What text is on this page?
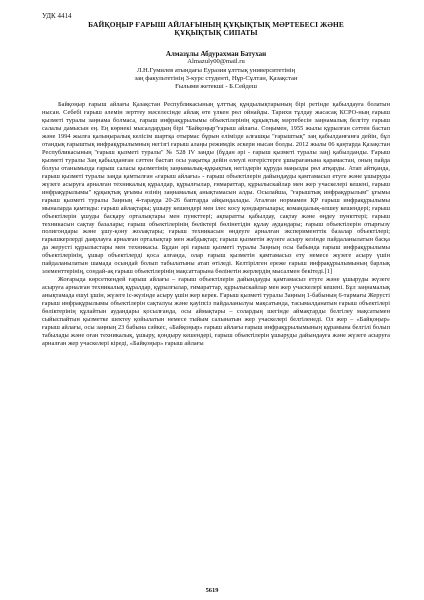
УДК 4414
БАЙҚОҢЫР ҒАРЫШ АЙЛАҒЫНЫҢ ҚҰҚЫҚТЫҚ МӘРТЕБЕСІ ЖӘНЕ
ҚҰҚЫҚТЫҚ СИПАТЫ
Алмазұлы Абдурахман Батухан
Almazuly00@mail.ru
Л.Н.Гумилев атындағы Еуразия ұлттық университетінің
заң факультетінің 3-курс студенті, Нұр-Сұлтан, Қазақстан
Ғылыми жетекші - Б.Сейдеш

Байқоңыр ғарыш айлағы Қазақстан Республикасының ұлттық құндылықтарының бірі ретінде қабылдауға болатын нысан. Себебі ғарыш әлемін зерттеу мәселесінде айлақ өте үлкен рөл ойнайды. Тарихи тұлдау жасасақ КСРО-ның ғарыш қызметі туралы заңнама болмаса, ғарыш инфрақұрылымы объектілерінің құқықтық мәртебесін заңнамалық белгіту ғарыш салалы дамысын ең. Ең көрнекі мысалдардың бірі "Байқоңыр"ғарыш айлағы. Соңымен, 1955 жылы құрылған сәттен бастап және 1994 жылға қалыңыралық келісім шартқа отырмас бұрын еліміздe алғашқы "ғарыштық" заң қабылданғанға дейін, бұл отандық ғарыштық инфрақұрылымның негізгі ғарыш алаңы режимдік әскери нысан болды. 2012 жылы 06 қаңтарда Қазақстан Республикасының "ғарыш қызметі туралы" № 528 IV заңды (бұдан әрі - ғарыш қызметі туралы заң) қабылданды. Ғарыш қызметі туралы Заң қабылданған сәттен бастап осы уақытқа дейін елеулі өзгерістерге ұшырағанына қарамастан, оның пайда болуы отанымызда ғарыш саласы қызметінің заңнамалық-құқықтық негіздерін құруда маңызды рөл атқарды. Атап айтқанда, ғарыш қызметі туралы заңда қамтылған «ғарыш айлағы» - ғарыш объектілерін дайындауды қамтамасыз етуге және ұшыруды жүзеге асыруға арналған техникалық құралдар, құрылғылар, ғимараттар, құрылыскайлар мен жер учаскелері кешені, ғарыш инфрақұрылымы" құқықтық ұғымы өзінің заңнамалық анықтамасын алды. Осылайша, "ғарыштық инфрақұрылым" ұғымы ғарыш қызметі туралы Заңның 4-тарауда 20-26 баптарда айқындалады. Аталған нормамен ҚР ғарыш инфрақұрылымы мыналарда қамтиды: ғарыш айлақтары; ұшыру кешендері мен ілес косу қондырғылары; командалық-өлшеу кешендері; ғарыш объектілерін ұшуды басқару орталықтары мен пункттері; ақпаратты қабылдау, сақтау және өңдеу пункттері; ғарыш техникасын сақтау базалары; ғарыш объектілерінің бөліктері бөлінетідін құлау аудандары; ғарыш объектілерін отырғызу полигондары және ұшу-қону жолақтары; ғарыш техникасын өндеуге арналған эксперименттік базалар объектілері; ғарышкерлерді даярлауға арналған орталықтар мен жабдықтар; ғарыш қызметін жүзеге асыру кезінде пайдаланылатын басқа да жерусті құрылыстары мен техникасы. Бұдан әрі ғарыш қызметі туралы Заңның осы бабында ғарыш инфрақұрылымы объектілерінің, ұшыр объектілерді қоса алғанда, олар ғарыш қызметін қамтамасыз ету немесе жүзеге асыру үшін пайдаланылатын шамада осындай болып табылатыны атап өтіледі. Келтірілген ереже ғарыш инфрақұрылымының барлық элементтерінің, сондай-ақ ғарыш объектілерінің мақсаттарына бөлінетін жерлердің мысалмен бекітеді.[1]

Жоғарыда көрсеткендей ғарыш айлағы – ғарыш объектілерін дайындауды қамтамасыз етуге және ұшыруды жүзеге асыруға арналған техникалық құралдар, құрылғылар, ғимараттар, құрылыскайлар мен жер учаскелері кешені. Бұл заңнамалық анықтамада ешуі ұшін, жүзеге іс-жүзінде асыру ұшін жер керек. Ғарыш қызметі туралы Заңның 1-бабының 6-тармағы Жерусті ғарыш инфрақұрылымы объектілерін сақталуы және қауіпсіз пайдаланылуы мақсатында, тасымалданатын ғарыш объектілері бөліктерінің құлайтын аудандары қосылғанда, осы аймақтары – солардың шегінде аймақтарды белгілеу мақсатымен сыйыспайтын қызметке шектеу қойылатын немесе тыйым салынатын жер учаскелері белгіленеді. Ол жер – «Байқоңыр» ғарыш айлағы, осы заңның 23 бабына сәйкес, «Байқоңыр» ғарыш айлағы ғарыш инфрақұрылымының құрамына белгілі болып табылады және оған техникалық, ұшыру, қондыру кешендері, ғарыш объектілерін ұшыруды дайындауға және жүзеге асыруға арналған жер учаскелері кіреді, «Байқоңыр» ғарыш айлағы

5619
